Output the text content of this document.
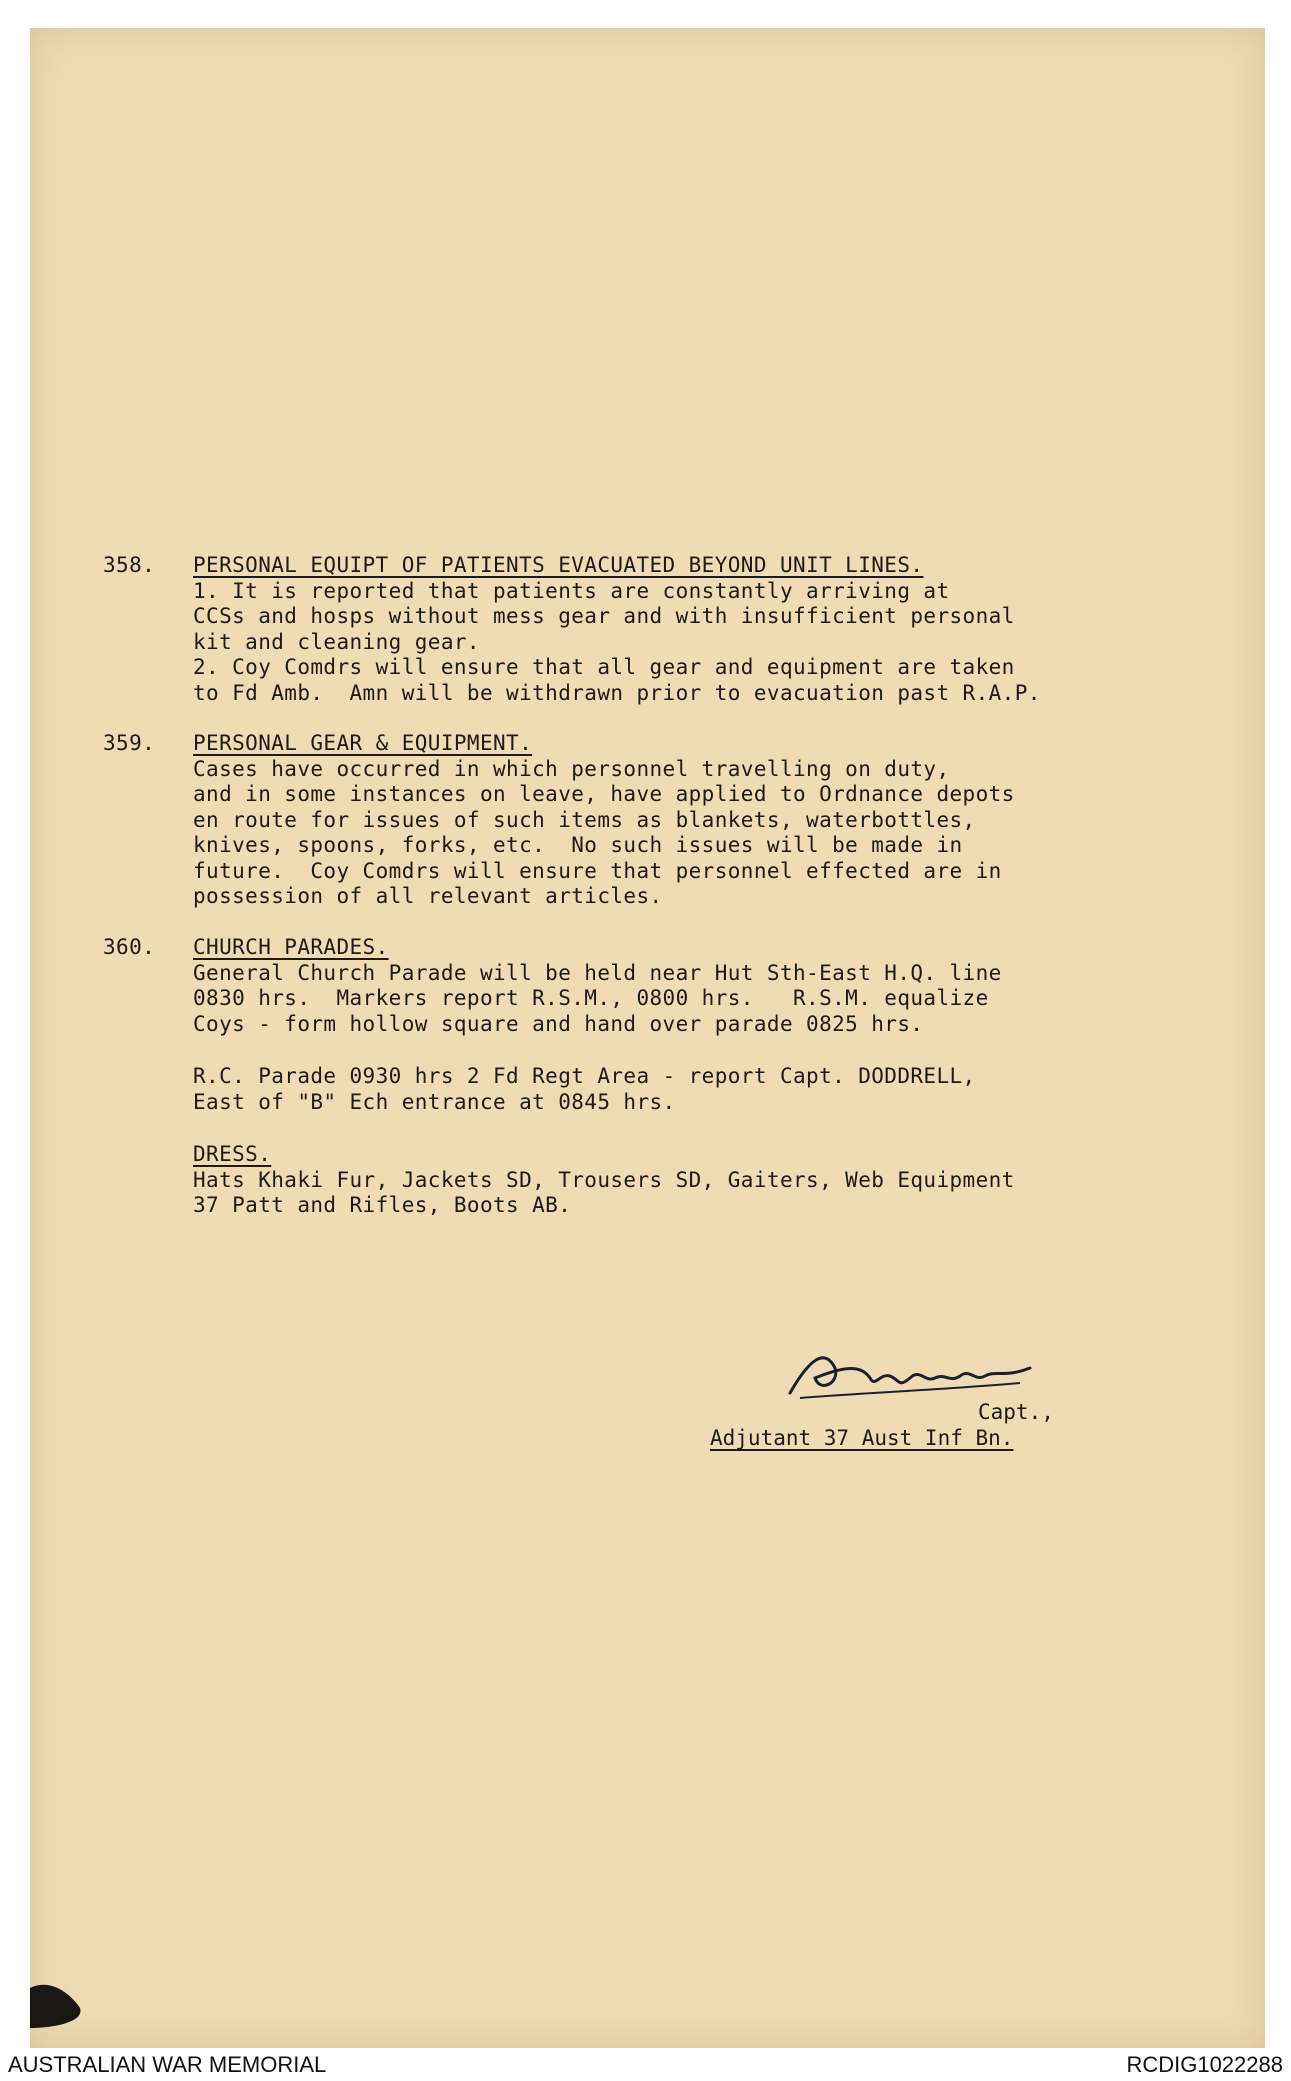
358. PERSONAL EQUIPT OF PATIENTS EVACUATED BEYOND UNIT LINES.
1. It is reported that patients are constantly arriving at
CCSs and hosps without mess gear and with insufficient personal
kit and cleaning gear.
2. Coy Comdrs will ensure that all gear and equipment are taken
to Fd Amb.  Amn will be withdrawn prior to evacuation past R.A.P.
359. PERSONAL GEAR & EQUIPMENT.
Cases have occurred in which personnel travelling on duty,
and in some instances on leave, have applied to Ordnance depots
en route for issues of such items as blankets, waterbottles,
knives, spoons, forks, etc.  No such issues will be made in
future.  Coy Comdrs will ensure that personnel effected are in
possession of all relevant articles.
360. CHURCH PARADES.
General Church Parade will be held near Hut Sth-East H.Q. line
0830 hrs.  Markers report R.S.M., 0800 hrs.   R.S.M. equalize
Coys - form hollow square and hand over parade 0825 hrs.
R.C. Parade 0930 hrs 2 Fd Regt Area - report Capt. DODDRELL,
East of "B" Ech entrance at 0845 hrs.
DRESS.
Hats Khaki Fur, Jackets SD, Trousers SD, Gaiters, Web Equipment
37 Patt and Rifles, Boots AB.
Capt.,
Adjutant 37 Aust Inf Bn.
AUSTRALIAN WAR MEMORIAL	RCDIG1022288
